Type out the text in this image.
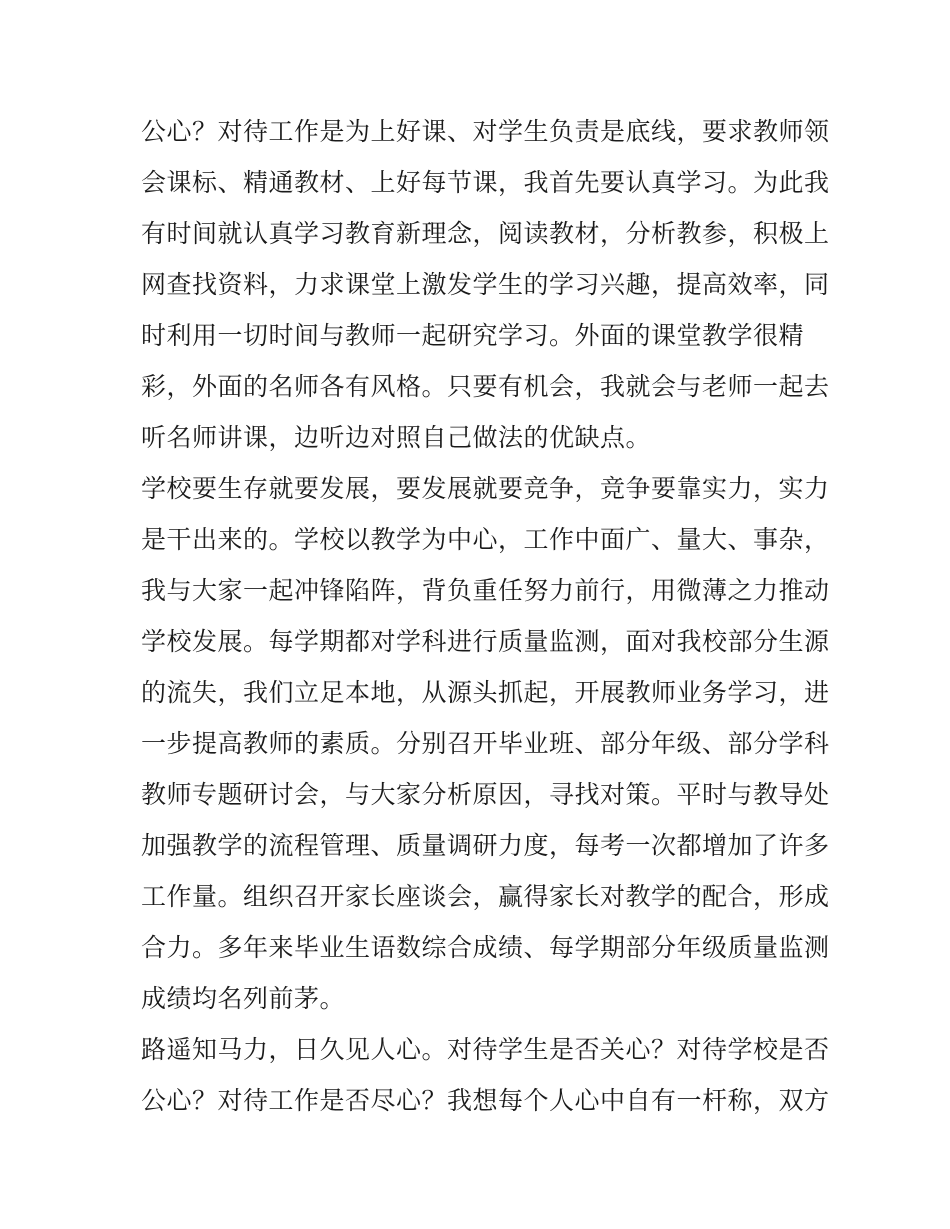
公心？对待工作是为上好课、对学生负责是底线，要求教师领
会课标、精通教材、上好每节课，我首先要认真学习。为此我
有时间就认真学习教育新理念，阅读教材，分析教参，积极上
网查找资料，力求课堂上激发学生的学习兴趣，提高效率，同
时利用一切时间与教师一起研究学习。外面的课堂教学很精
彩，外面的名师各有风格。只要有机会，我就会与老师一起去
听名师讲课，边听边对照自己做法的优缺点。
学校要生存就要发展，要发展就要竞争，竞争要靠实力，实力
是干出来的。学校以教学为中心，工作中面广、量大、事杂，
我与大家一起冲锋陷阵，背负重任努力前行，用微薄之力推动
学校发展。每学期都对学科进行质量监测，面对我校部分生源
的流失，我们立足本地，从源头抓起，开展教师业务学习，进
一步提高教师的素质。分别召开毕业班、部分年级、部分学科
教师专题研讨会，与大家分析原因，寻找对策。平时与教导处
加强教学的流程管理、质量调研力度，每考一次都增加了许多
工作量。组织召开家长座谈会，赢得家长对教学的配合，形成
合力。多年来毕业生语数综合成绩、每学期部分年级质量监测
成绩均名列前茅。
路遥知马力，日久见人心。对待学生是否关心？对待学校是否
公心？对待工作是否尽心？我想每个人心中自有一杆称，双方
